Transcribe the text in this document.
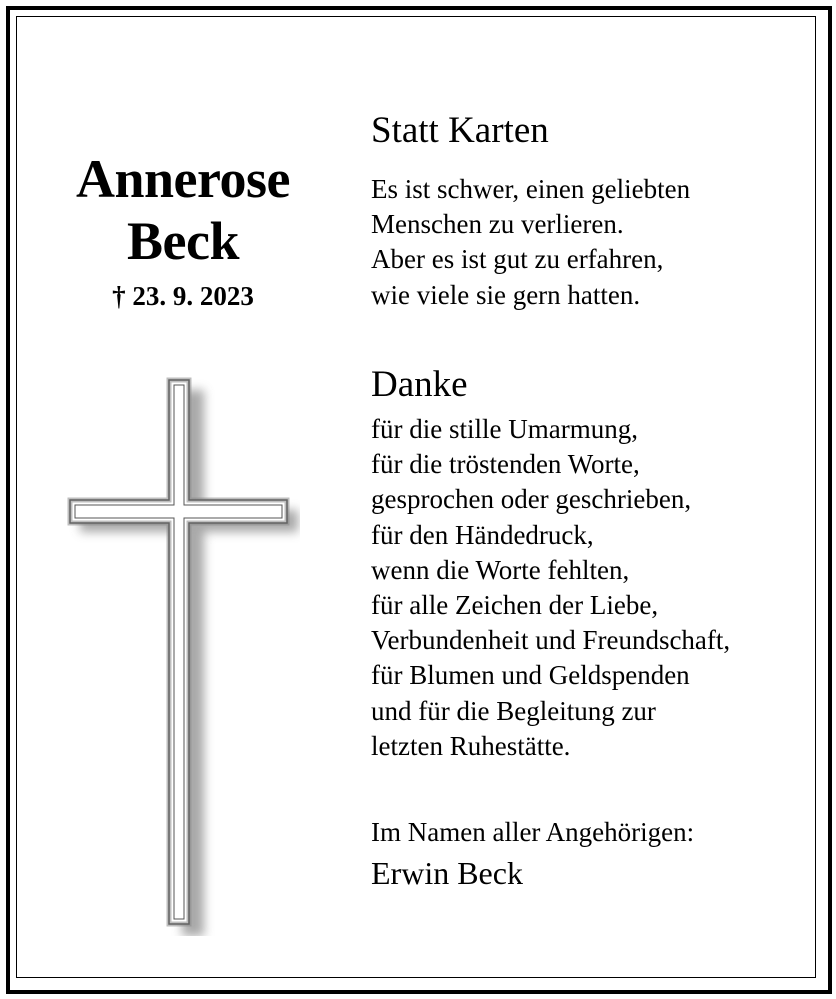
Annerose
Beck
† 23. 9. 2023
Statt Karten
Es ist schwer, einen geliebten
Menschen zu verlieren.
Aber es ist gut zu erfahren,
wie viele sie gern hatten.
Danke
für die stille Umarmung,
für die tröstenden Worte,
gesprochen oder geschrieben,
für den Händedruck,
wenn die Worte fehlten,
für alle Zeichen der Liebe,
Verbundenheit und Freundschaft,
für Blumen und Geldspenden
und für die Begleitung zur
letzten Ruhestätte.
Im Namen aller Angehörigen:
Erwin Beck
